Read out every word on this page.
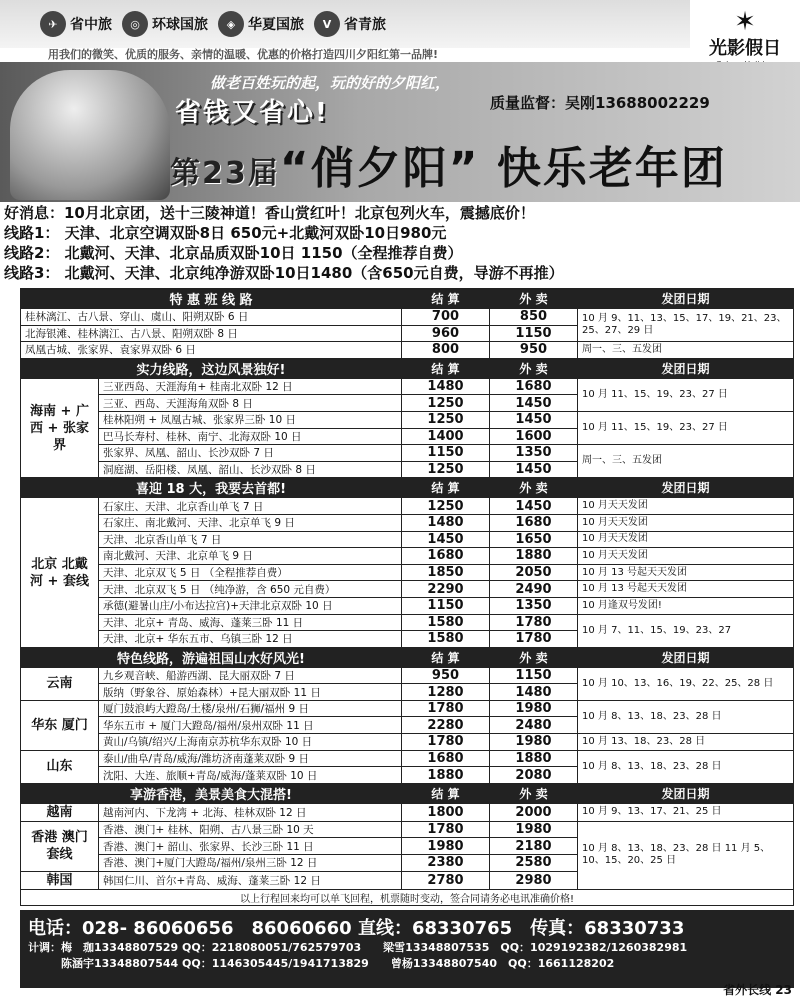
✈ 省中旅	◎ 环球国旅	◈ 华夏国旅	V 省青旅
用我们的微笑、优质的服务、亲情的温暖、优惠的价格打造四川夕阳红第一品牌!
✶
光影假日
做老百姓玩的起，玩的好的夕阳红，
省钱又省心!	质量监督：吴刚13688002229
第23届“俏夕阳” 快乐老年团
好消息：10月北京团，送十三陵神道！香山赏红叶！北京包列火车，震撼底价！
线路1： 天津、北京空调双卧8日 650元+北戴河双卧10日980元
线路2： 北戴河、天津、北京品质双卧10日 1150（全程推荐自费）
线路3： 北戴河、天津、北京纯净游双卧10日1480（含650元自费，导游不再推）
特 惠 班 线 路		结 算	外 卖	发团日期
桂林漓江、古八景、穿山、虞山、阳朔双卧 6 日		700	850	10 月 9、11、13、15、17、19、21、23、25、27、29 日
北海银滩、桂林漓江、古八景、阳朔双卧 8 日		960	1150	
凤凰古城、张家界、袁家界双卧 6 日		800	950	周一、三、五发团
实力线路，这边风景独好!		结 算	外 卖	发团日期
海南 + 广西 + 张家界	三亚西岛、天涯海角+ 桂南北双卧 12 日	1480	1680	10 月 11、15、19、23、27 日
	三亚、西岛、天涯海角双卧 8 日	1250	1450	
	桂林阳朔 + 凤凰古城、张家界三卧 10 日	1250	1450	10 月 11、15、19、23、27 日
	巴马长寿村、桂林、南宁、北海双卧 10 日	1400	1600	
	张家界、凤凰、韶山、长沙双卧 7 日	1150	1350	周一、三、五发团
	洞庭湖、岳阳楼、凤凰、韶山、长沙双卧 8 日	1250	1450	
喜迎 18 大，我要去首都!		结 算	外 卖	发团日期
北京 北戴河 + 套线	石家庄、天津、北京香山单飞 7 日	1250	1450	10 月天天发团
	石家庄、南北戴河、天津、北京单飞 9 日	1480	1680	10 月天天发团
	天津、北京香山单飞 7 日	1450	1650	10 月天天发团
	南北戴河、天津、北京单飞 9 日	1680	1880	10 月天天发团
	天津、北京双飞 5 日 （全程推荐自费）	1850	2050	10 月 13 号起天天发团
	天津、北京双飞 5 日 （纯净游，含 650 元自费）	2290	2490	10 月 13 号起天天发团
	承德(避暑山庄/小布达拉宫)+天津北京双卧 10 日	1150	1350	10 月逢双号发团!
	天津、北京+ 青岛、威海、蓬莱三卧 11 日	1580	1780	10 月 7、11、15、19、23、27
	天津、北京+ 华东五市、乌镇三卧 12 日	1580	1780	
特色线路，游遍祖国山水好风光!		结 算	外 卖	发团日期
云南	九乡观音峡、船游西湖、昆大丽双卧 7 日	950	1150	10 月 10、13、16、19、22、25、28 日
	版纳（野象谷、原始森林）+昆大丽双卧 11 日	1280	1480	
华东 厦门	厦门鼓浪屿大蹬岛/土楼/泉州/石狮/福州 9 日	1780	1980	10 月 8、13、18、23、28 日
	华东五市 + 厦门大蹬岛/福州/泉州双卧 11 日	2280	2480	
	黄山/乌镇/绍兴/上海南京苏杭华东双卧 10 日	1780	1980	10 月 13、18、23、28 日
山东	泰山/曲阜/青岛/威海/潍坊济南蓬莱双卧 9 日	1680	1880	10 月 8、13、18、23、28 日
	沈阳、大连、旅顺+青岛/威海/蓬莱双卧 10 日	1880	2080	
享游香港，美景美食大混搭!		结 算	外 卖	发团日期
越南	越南河内、下龙湾 + 北海、桂林双卧 12 日	1800	2000	10 月 9、13、17、21、25 日
香港 澳门 套线	香港、澳门+ 桂林、阳朔、古八景三卧 10 天	1780	1980	10 月 8、13、18、23、28 日 11 月 5、10、15、20、25 日
	香港、澳门+ 韶山、张家界、长沙三卧 11 日	1980	2180	
	香港、澳门+厦门大蹬岛/福州/泉州三卧 12 日	2380	2580	
韩国	韩国仁川、首尔+青岛、威海、蓬莱三卧 12 日	2780	2980	
以上行程回来均可以单飞回程，机票随时变动，签合同请务必电讯准确价格!				
电话：028- 86060656　86060660 直线：68330765　传真：68330733
计调：梅　珈13348807529 QQ：2218080051/762579703　　梁雪13348807535　QQ：1029192382/1260382981
　　　陈涵宇13348807544 QQ：1146305445/1941713829　　曾杨13348807540　QQ：1661128202
省外长线 23
